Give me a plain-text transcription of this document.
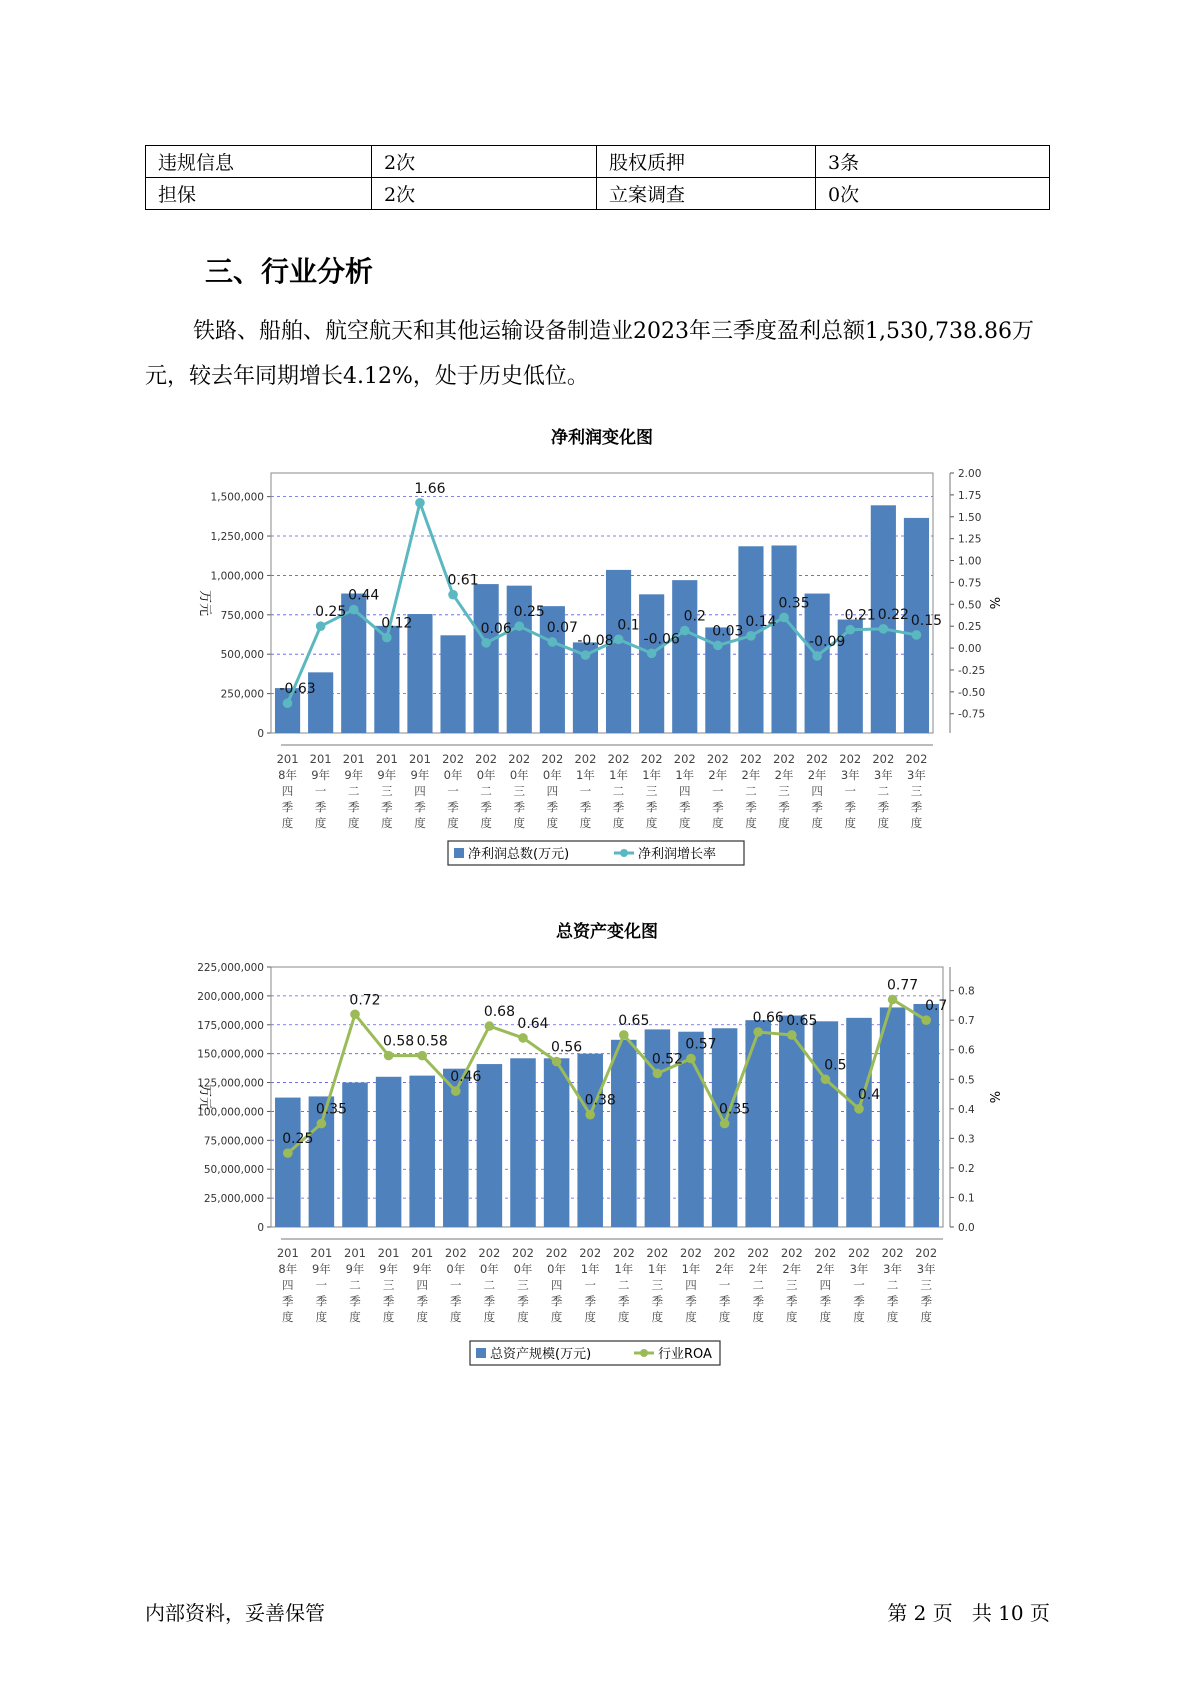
违规信息	2次	股权质押	3条
担保	2次	立案调查	0次
三、行业分析

铁路、船舶、航空航天和其他运输设备制造业2023年三季度盈利总额1,530,738.86万元，较去年同期增长4.12%，处于历史低位。

净利润变化图
0
250,000
500,000
750,000
1,000,000
1,250,000
1,500,000
-0.75
-0.50
-0.25
0.00
0.25
0.50
0.75
1.00
1.25
1.50
1.75
2.00
万元	%
201 8年四季度
201 9年一季度
201 9年二季度
201 9年三季度
201 9年四季度
202 0年一季度
202 0年二季度
202 0年三季度
202 0年四季度
202 1年一季度
202 1年二季度
202 1年三季度
202 1年四季度
202 2年一季度
202 2年二季度
202 2年三季度
202 2年四季度
202 3年一季度
202 3年二季度
202 3年三季度
-0.63
0.25
0.44
0.12
1.66
0.61
0.06
0.25
0.07
-0.08
0.1
-0.06
0.2
0.03
0.14
0.35
-0.09
0.21 0.22 0.15
净利润总数(万元)	净利润增长率
总资产变化图
0
25,000,000
50,000,000
75,000,000
100,000,000
125,000,000
150,000,000
175,000,000
200,000,000
225,000,000
0.0
0.1
0.2
0.3
0.4
0.5
0.6
0.7
0.8
万元	%
201 8年四季度
201 9年一季度
201 9年二季度
201 9年三季度
201 9年四季度
202 0年一季度
202 0年二季度
202 0年三季度
202 0年四季度
202 1年一季度
202 1年二季度
202 1年三季度
202 1年四季度
202 2年一季度
202 2年二季度
202 2年三季度
202 2年四季度
202 3年一季度
202 3年二季度
202 3年三季度
0.25
0.35
0.72
0.58 0.58
0.46
0.68
0.64
0.56
0.38
0.65
0.52
0.57
0.35
0.66 0.65
0.5
0.4
0.77
0.7
总资产规模(万元)	行业ROA
内部资料，妥善保管	第 2 页   共 10 页
